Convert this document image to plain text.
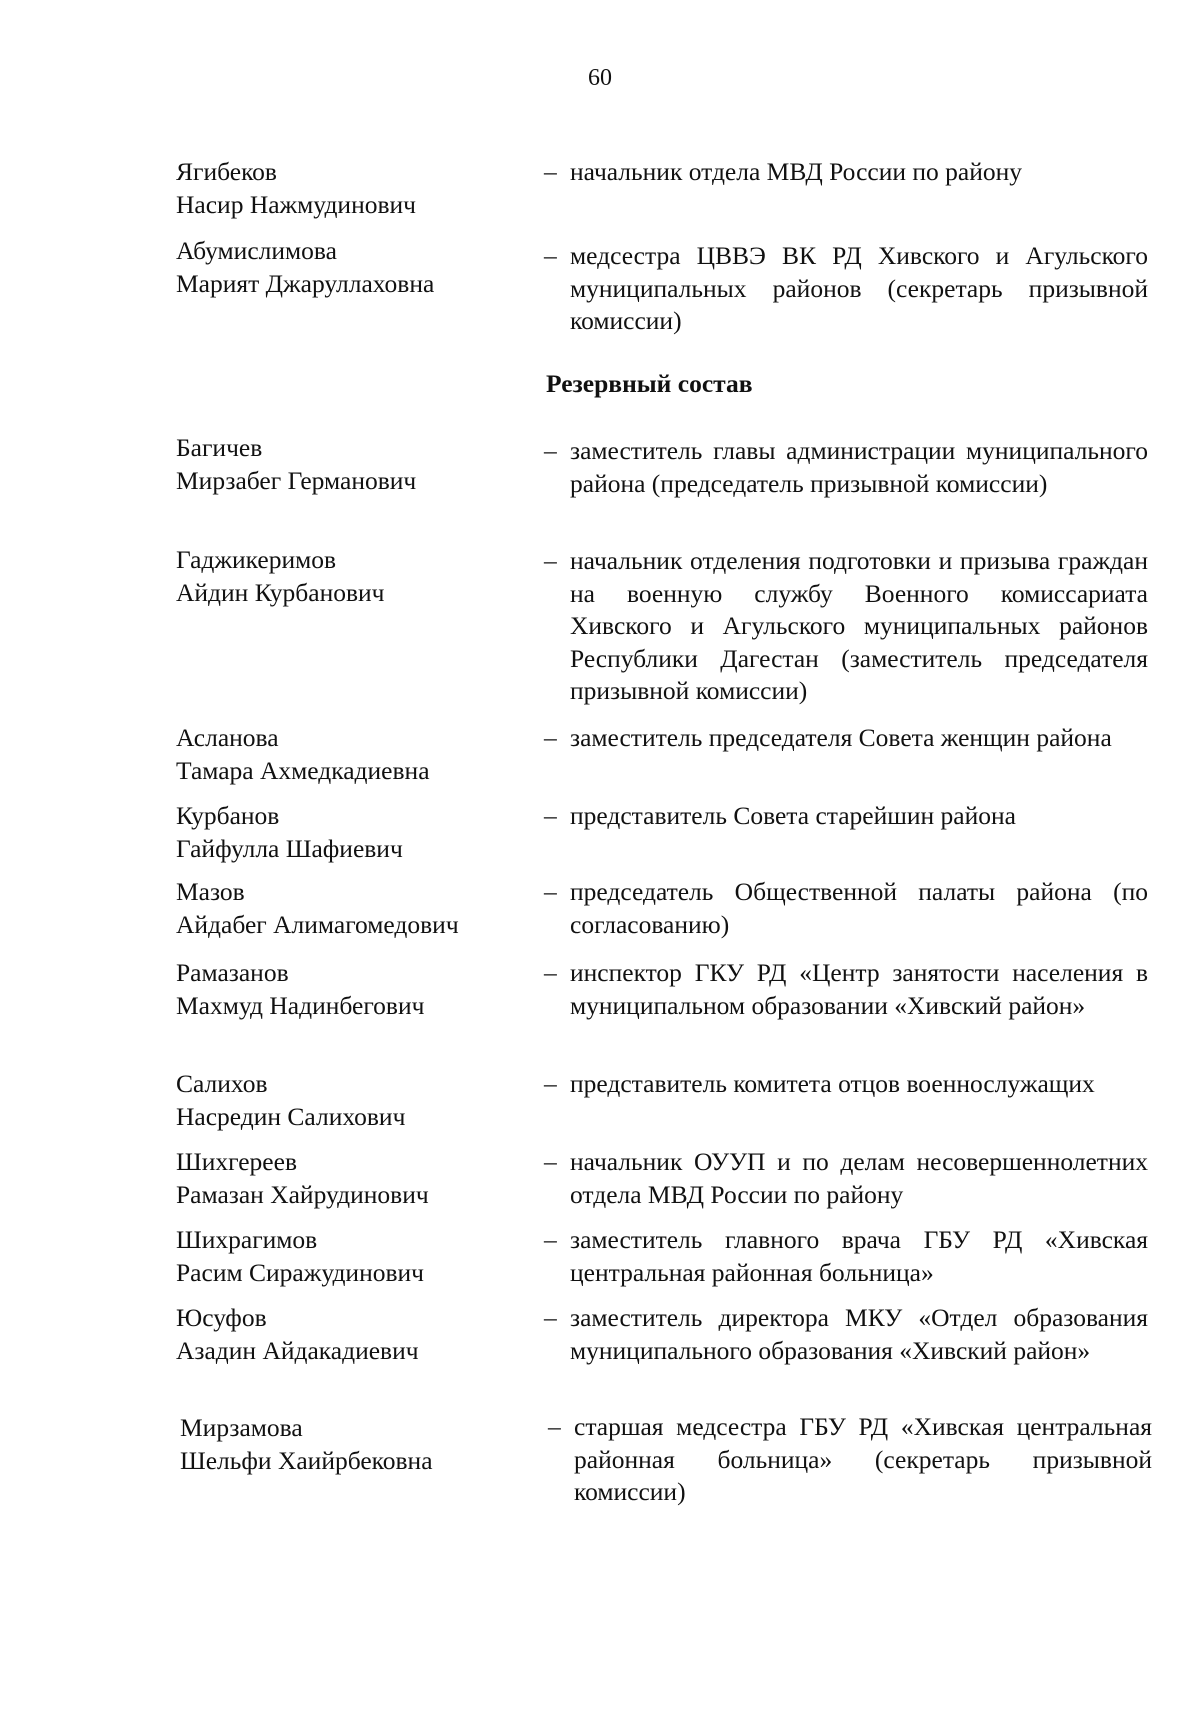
60
Ягибеков
Насир Нажмудинович
– начальник отдела МВД России по району
Абумислимова
Марият Джаруллаховна
– медсестра ЦВВЭ ВК РД Хивского и Агульского муниципальных районов (секретарь призывной комиссии)
Резервный состав
Багичев
Мирзабег Германович
– заместитель главы администрации муниципального района (председатель призывной комиссии)
Гаджикеримов
Айдин Курбанович
– начальник отделения подготовки и призыва граждан на военную службу Военного комиссариата Хивского и Агульского муниципальных районов Республики Дагестан (заместитель председателя призывной комиссии)
Асланова
Тамара Ахмедкадиевна
– заместитель председателя Совета женщин района
Курбанов
Гайфулла Шафиевич
– представитель Совета старейшин района
Мазов
Айдабег Алимагомедович
– председатель Общественной палаты района (по согласованию)
Рамазанов
Махмуд Надинбегович
– инспектор ГКУ РД «Центр занятости населения в муниципальном образовании «Хивский район»
Салихов
Насредин Салихович
– представитель комитета отцов военнослужащих
Шихгереев
Рамазан Хайрудинович
– начальник ОУУП и по делам несовершеннолетних отдела МВД России по району
Шихрагимов
Расим Сиражудинович
– заместитель главного врача ГБУ РД «Хивская центральная районная больница»
Юсуфов
Азадин Айдакадиевич
– заместитель директора МКУ «Отдел образования муниципального образования «Хивский район»
Мирзамова
Шельфи Хаийрбековна
– старшая медсестра ГБУ РД «Хивская центральная районная больница» (секретарь призывной комиссии)
